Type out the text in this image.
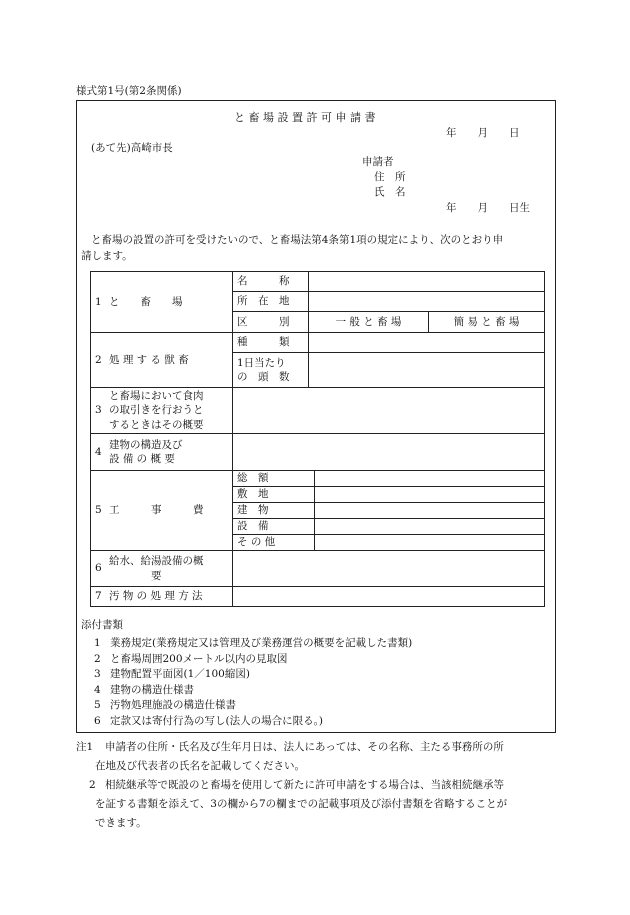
様式第1号(第2条関係)
と 畜 場 設 置 許 可 申 請 書
年　　月　　日
(あて先)高崎市長
申請者
住　所
氏　名
年　　月　　日生
と畜場の設置の許可を受けたいので、と畜場法第4条第1項の規定により、次のとおり申
請します。
1 と　　畜　　場	名　　　称			
	所　在　地			
	区　　　別	一 般 と 畜 場		簡 易 と 畜 場
2 処 理 す る 獣 畜	種　　　類			

	1日当たり
の　頭　数			

3
と畜場において食肉
の取引きを行おうと
するときはその概要				

4
建物の構造及び
設 備 の 概 要				

5 工　　　事　　　費	総　額			
	敷　地			
	建　物			
	設　備			
	そ の 他			

6
給水、給湯設備の概
要				

7 汚 物 の 処 理 方 法				
添付書類
1 業務規定(業務規定又は管理及び業務運営の概要を記載した書類)
2 と畜場周囲200メートル以内の見取図
3 建物配置平面図(1／100縮図)
4 建物の構造仕様書
5 汚物処理施設の構造仕様書
6 定款又は寄付行為の写し(法人の場合に限る。)
注1 申請者の住所・氏名及び生年月日は、法人にあっては、その名称、主たる事務所の所
在地及び代表者の氏名を記載してください。
2 相続継承等で既設のと畜場を使用して新たに許可申請をする場合は、当該相続継承等
を証する書類を添えて、3の欄から7の欄までの記載事項及び添付書類を省略することが
できます。
